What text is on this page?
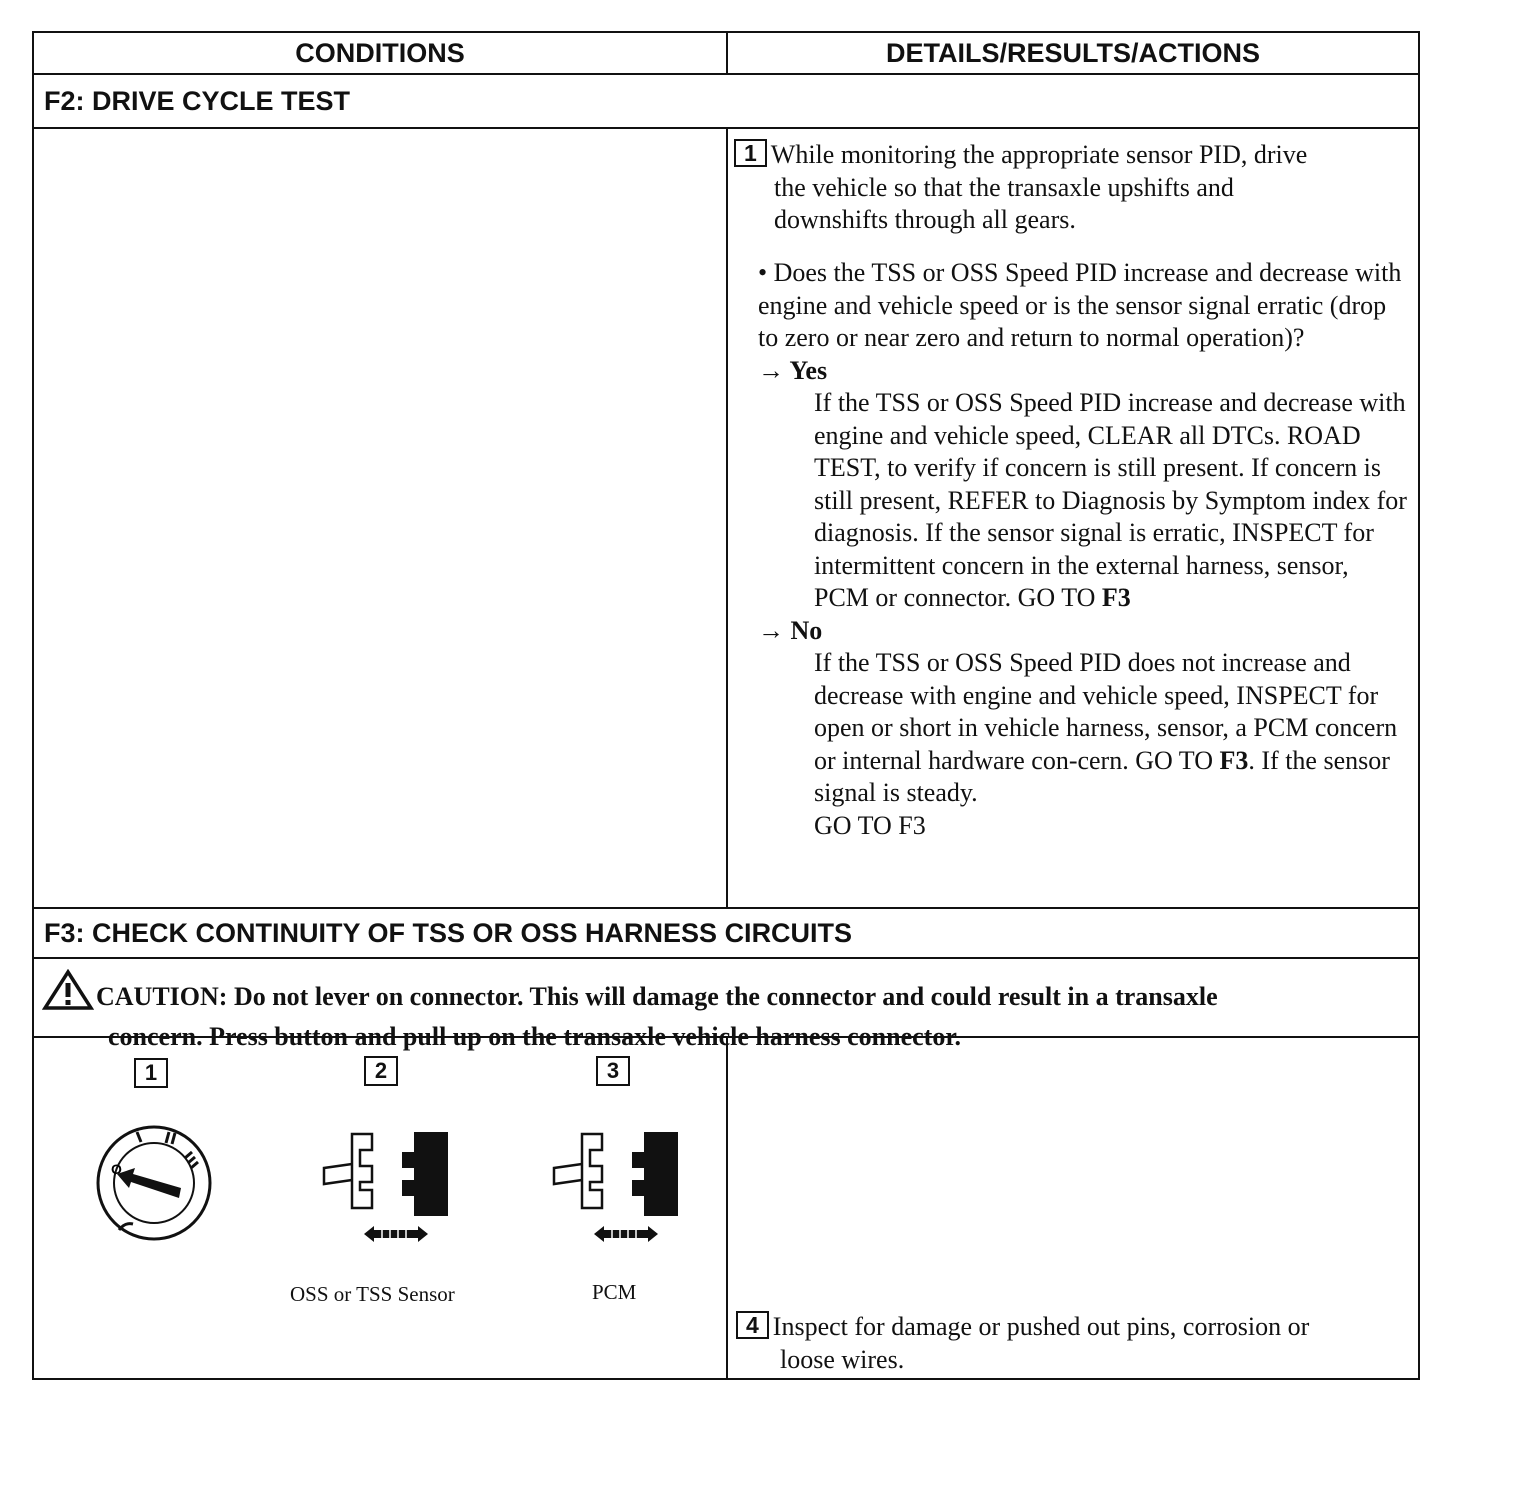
CONDITIONS	DETAILS/RESULTS/ACTIONS
F2: DRIVE CYCLE TEST
1 While monitoring the appropriate sensor PID, drive
the vehicle so that the transaxle upshifts and
downshifts through all gears.
• Does the TSS or OSS Speed PID increase and decrease with engine and vehicle speed or is the sensor signal erratic (drop to zero or near zero and return to normal operation)?
→ Yes
If the TSS or OSS Speed PID increase and decrease with engine and vehicle speed, CLEAR all DTCs. ROAD TEST, to verify if concern is still present. If concern is still present, REFER to Diagnosis by Symptom index for diagnosis. If the sensor signal is erratic, INSPECT for intermittent concern in the external harness, sensor, PCM or connector. GO TO F3
→ No
If the TSS or OSS Speed PID does not increase and decrease with engine and vehicle speed, INSPECT for open or short in vehicle harness, sensor, a PCM concern or internal hardware con-cern. GO TO F3. If the sensor signal is steady.
GO TO F3
F3: CHECK CONTINUITY OF TSS OR OSS HARNESS CIRCUITS
CAUTION: Do not lever on connector. This will damage the connector and could result in a transaxle
concern. Press button and pull up on the transaxle vehicle harness connector.
1	2	3
O
OSS or TSS Sensor	PCM
4 Inspect for damage or pushed out pins, corrosion or
loose wires.
